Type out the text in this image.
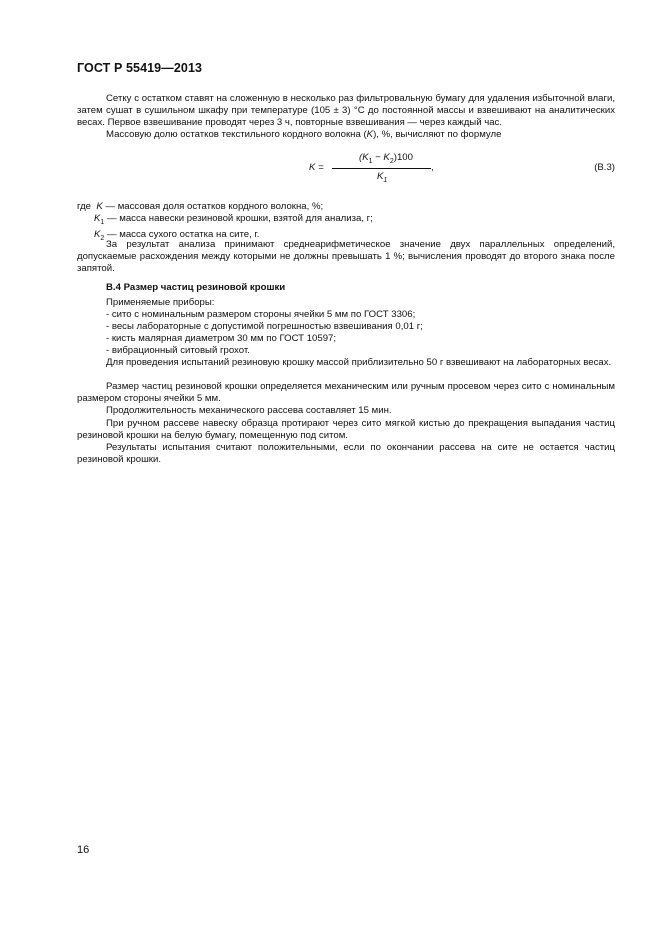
ГОСТ Р 55419—2013

Сетку с остатком ставят на сложенную в несколько раз фильтровальную бумагу для удаления избыточной влаги, затем сушат в сушильном шкафу при температуре (105 ± 3) °С до постоянной массы и взвешивают на аналитических весах. Первое взвешивание проводят через 3 ч, повторные взвешивания — через каждый час.

Массовую долю остатков текстильного кордного волокна (K), %, вычисляют по формуле

K =
$(K_1 - K_2)100$
$K_1$
,	(В.3)
где K — массовая доля остатков кордного волокна, %;
$K_1$ — масса навески резиновой крошки, взятой для анализа, г;
$K_2$ — масса сухого остатка на сите, г.

За результат анализа принимают среднеарифметическое значение двух параллельных определений, допускаемые расхождения между которыми не должны превышать 1 %; вычисления проводят до второго знака после запятой.

В.4 Размер частиц резиновой крошки
Применяемые приборы:
- сито с номинальным размером стороны ячейки 5 мм по ГОСТ 3306;
- весы лабораторные с допустимой погрешностью взвешивания 0,01 г;
- кисть малярная диаметром 30 мм по ГОСТ 10597;
- вибрационный ситовый грохот.

Для проведения испытаний резиновую крошку массой приблизительно 50 г взвешивают на лабораторных весах.

Размер частиц резиновой крошки определяется механическим или ручным просевом через сито с номинальным размером стороны ячейки 5 мм.

Продолжительность механического рассева составляет 15 мин.

При ручном рассеве навеску образца протирают через сито мягкой кистью до прекращения выпадания частиц резиновой крошки на белую бумагу, помещенную под ситом.

Результаты испытания считают положительными, если по окончании рассева на сите не остается частиц резиновой крошки.

16
